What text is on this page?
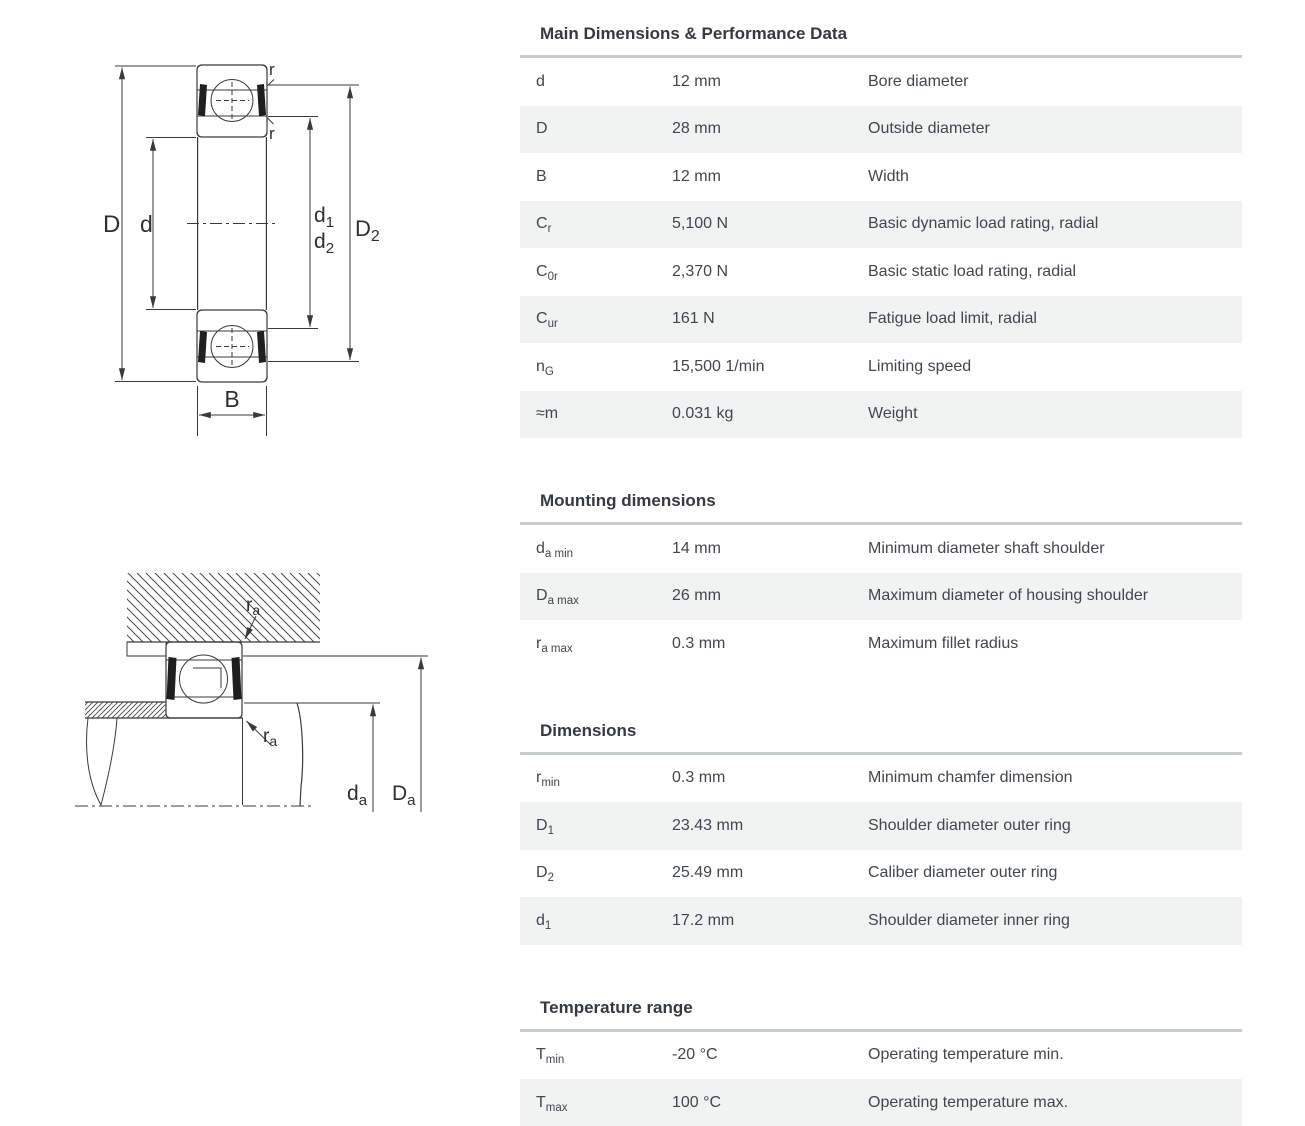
D d	$d_1$
$d_2$
$D_2$
r
r
B
$r_a$
$r_a$
$d_a$ $D_a$
Main Dimensions & Performance Data
d	12 mm	Bore diameter
D	28 mm	Outside diameter
B	12 mm	Width
$C_r$	5,100 N	Basic dynamic load rating, radial
$C_{0r}$	2,370 N	Basic static load rating, radial
$C_{ur}$	161 N	Fatigue load limit, radial
$n_G$	15,500 1/min	Limiting speed
≈m	0.031 kg	Weight
Mounting dimensions
$d_{a min}$	14 mm	Minimum diameter shaft shoulder
$D_{a max}$	26 mm	Maximum diameter of housing shoulder
$r_{a max}$	0.3 mm	Maximum fillet radius
Dimensions
$r_{min}$	0.3 mm	Minimum chamfer dimension
$D_1$	23.43 mm	Shoulder diameter outer ring
$D_2$	25.49 mm	Caliber diameter outer ring
$d_1$	17.2 mm	Shoulder diameter inner ring
Temperature range
$T_{min}$	-20 °C	Operating temperature min.
$T_{max}$	100 °C	Operating temperature max.
